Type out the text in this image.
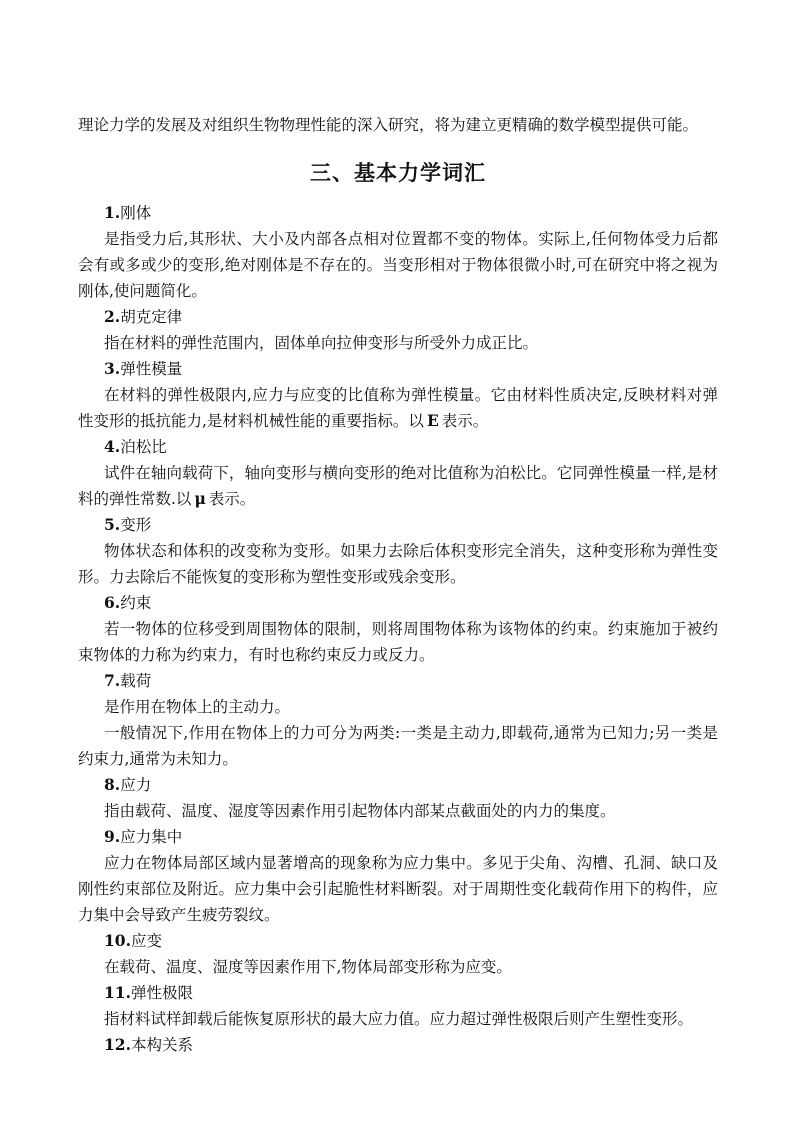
理论力学的发展及对组织生物物理性能的深入研究，将为建立更精确的数学模型提供可能。

三、基本力学词汇

1.刚体

是指受力后,其形状、大小及内部各点相对位置都不变的物体。实际上,任何物体受力后都会有或多或少的变形,绝对刚体是不存在的。当变形相对于物体很微小时,可在研究中将之视为刚体,使问题简化。

2.胡克定律

指在材料的弹性范围内，固体单向拉伸变形与所受外力成正比。

3.弹性模量

在材料的弹性极限内,应力与应变的比值称为弹性模量。它由材料性质决定,反映材料对弹性变形的抵抗能力,是材料机械性能的重要指标。以 E 表示。

4.泊松比

试件在轴向载荷下，轴向变形与横向变形的绝对比值称为泊松比。它同弹性模量一样,是材料的弹性常数.以 μ 表示。

5.变形

物体状态和体积的改变称为变形。如果力去除后体积变形完全消失，这种变形称为弹性变形。力去除后不能恢复的变形称为塑性变形或残余变形。

6.约束

若一物体的位移受到周围物体的限制，则将周围物体称为该物体的约束。约束施加于被约束物体的力称为约束力，有时也称约束反力或反力。

7.载荷

是作用在物体上的主动力。

一般情况下,作用在物体上的力可分为两类:一类是主动力,即载荷,通常为已知力;另一类是约束力,通常为未知力。

8.应力

指由载荷、温度、湿度等因素作用引起物体内部某点截面处的内力的集度。

9.应力集中

应力在物体局部区域内显著增高的现象称为应力集中。多见于尖角、沟槽、孔洞、缺口及刚性约束部位及附近。应力集中会引起脆性材料断裂。对于周期性变化载荷作用下的构件，应力集中会导致产生疲劳裂纹。

10.应变

在载荷、温度、湿度等因素作用下,物体局部变形称为应变。

11.弹性极限

指材料试样卸载后能恢复原形状的最大应力值。应力超过弹性极限后则产生塑性变形。

12.本构关系
